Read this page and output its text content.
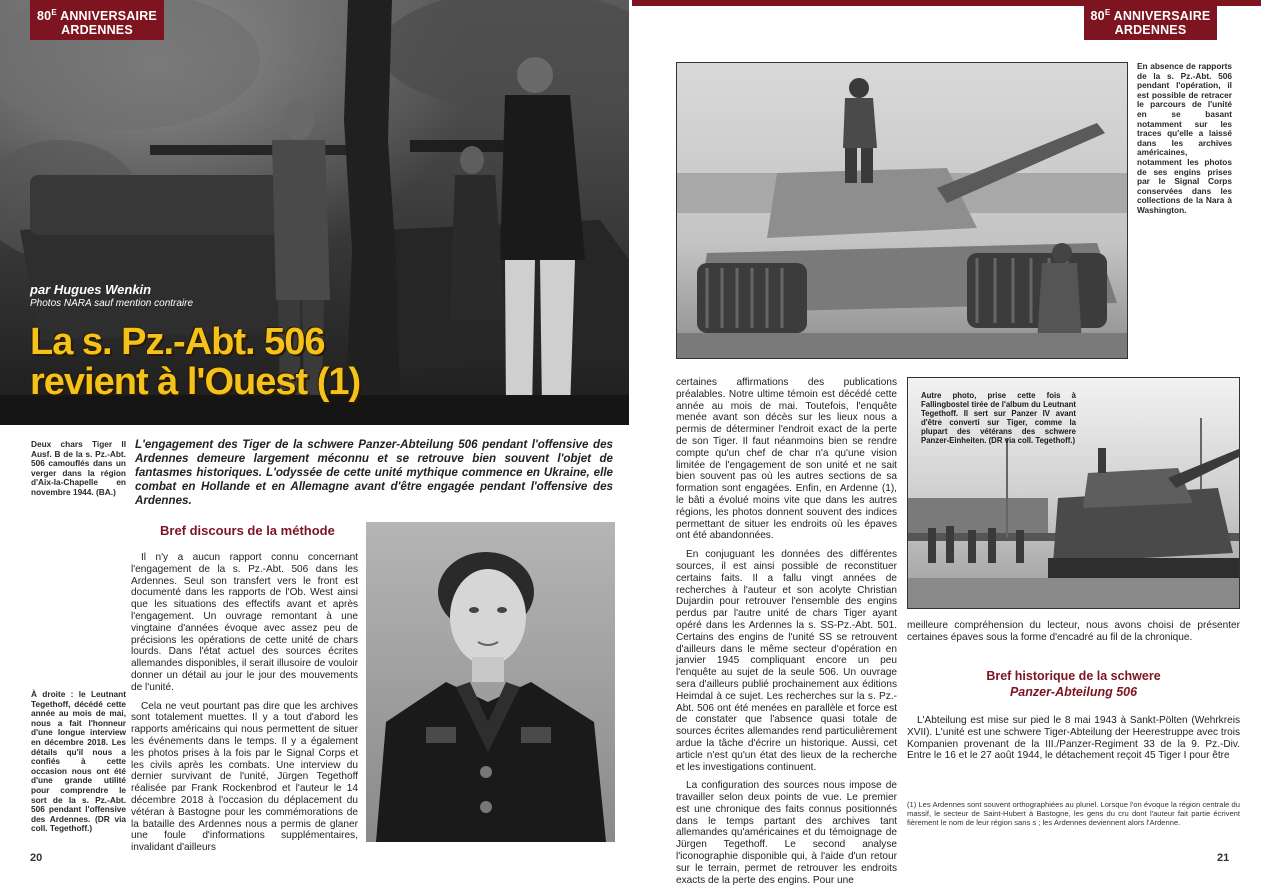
$80^E$ ANNIVERSAIRE
ARDENNES
par Hugues Wenkin
Photos NARA sauf mention contraire
La s. Pz.-Abt. 506
revient à l'Ouest (1)
Deux chars Tiger II Ausf. B de la s. Pz.-Abt. 506 camouflés dans un verger dans la région d'Aix-la-Chapelle en novembre 1944. (BA.)
L'engagement des Tiger de la schwere Panzer-Abteilung 506 pendant l'offensive des Ardennes demeure largement méconnu et se retrouve bien souvent l'objet de fantasmes historiques. L'odyssée de cette unité mythique commence en Ukraine, elle combat en Hollande et en Allemagne avant d'être engagée pendant l'offensive des Ardennes.
Bref discours de la méthode

Il n'y a aucun rapport connu concernant l'engagement de la s. Pz.-Abt. 506 dans les Ardennes. Seul son transfert vers le front est documenté dans les rapports de l'Ob. West ainsi que les situations des effectifs avant et après l'engagement. Un ouvrage remontant à une vingtaine d'années évoque avec assez peu de précisions les opérations de cette unité de chars lourds. Dans l'état actuel des sources écrites allemandes disponibles, il serait illusoire de vouloir donner un détail au jour le jour des mouvements de l'unité.

Cela ne veut pourtant pas dire que les archives sont totalement muettes. Il y a tout d'abord les rapports américains qui nous permettent de situer les événements dans le temps. Il y a également les photos prises à la fois par le Signal Corps et les civils après les combats. Une interview du dernier survivant de l'unité, Jürgen Tegethoff réalisée par Frank Rockenbrod et l'auteur le 14 décembre 2018 à l'occasion du déplacement du vétéran à Bastogne pour les commémorations de la bataille des Ardennes nous a permis de glaner une foule d'informations supplémentaires, invalidant d'ailleurs

À droite : le Leutnant Tegethoff, décédé cette année au mois de mai, nous a fait l'honneur d'une longue interview en décembre 2018. Les détails qu'il nous a confiés à cette occasion nous ont été d'une grande utilité pour comprendre le sort de la s. Pz.-Abt. 506 pendant l'offensive des Ardennes. (DR via coll. Tegethoff.)
20
$80^E$ ANNIVERSAIRE
ARDENNES
En absence de rapports de la s. Pz.-Abt. 506 pendant l'opération, il est possible de retracer le parcours de l'unité en se basant notamment sur les traces qu'elle a laissé dans les archives américaines, notamment les photos de ses engins prises par le Signal Corps conservées dans les collections de la Nara à Washington.

certaines affirmations des publications préalables. Notre ultime témoin est décédé cette année au mois de mai. Toutefois, l'enquête menée avant son décès sur les lieux nous a permis de déterminer l'endroit exact de la perte de son Tiger. Il faut néanmoins bien se rendre compte qu'un chef de char n'a qu'une vision limitée de l'engagement de son unité et ne sait bien souvent pas où les autres sections de sa formation sont engagées. Enfin, en Ardenne (1), le bâti a évolué moins vite que dans les autres régions, les photos donnent souvent des indices permettant de situer les endroits où les épaves ont été abandonnées.

En conjuguant les données des différentes sources, il est ainsi possible de reconstituer certains faits. Il a fallu vingt années de recherches à l'auteur et son acolyte Christian Dujardin pour retrouver l'ensemble des engins perdus par l'autre unité de chars Tiger ayant opéré dans les Ardennes la s. SS-Pz.-Abt. 501. Certains des engins de l'unité SS se retrouvent d'ailleurs dans le même secteur d'opération en janvier 1945 compliquant encore un peu l'enquête au sujet de la seule 506. Un ouvrage sera d'ailleurs publié prochainement aux éditions Heimdal à ce sujet. Les recherches sur la s. Pz.-Abt. 506 ont été menées en parallèle et force est de constater que l'absence quasi totale de sources écrites allemandes rend particulièrement ardue la tâche d'écrire un historique. Aussi, cet article n'est qu'un état des lieux de la recherche et les investigations continuent.

La configuration des sources nous impose de travailler selon deux points de vue. Le premier est une chronique des faits connus positionnés dans le temps partant des archives tant allemandes qu'américaines et du témoignage de Jürgen Tegethoff. Le second analyse l'iconographie disponible qui, à l'aide d'un retour sur le terrain, permet de retrouver les endroits exacts de la perte des engins. Pour une

Autre photo, prise cette fois à Fallingbostel tirée de l'album du Leutnant Tegethoff. Il sert sur Panzer IV avant d'être converti sur Tiger, comme la plupart des vétérans des schwere Panzer-Einheiten. (DR via coll. Tegethoff.)

meilleure compréhension du lecteur, nous avons choisi de présenter certaines épaves sous la forme d'encadré au fil de la chronique.

Bref historique de la schwere
Panzer-Abteilung 506

L'Abteilung est mise sur pied le 8 mai 1943 à Sankt-Pölten (Wehrkreis XVII). L'unité est une schwere Tiger-Abteilung der Heerestruppe avec trois Kompanien provenant de la III./Panzer-Regiment 33 de la 9. Pz.-Div. Entre le 16 et le 27 août 1944, le détachement reçoit 45 Tiger I pour être

(1) Les Ardennes sont souvent orthographiées au pluriel. Lorsque l'on évoque la région centrale du massif, le secteur de Saint-Hubert à Bastogne, les gens du cru dont l'auteur fait partie écrivent fièrement le nom de leur région sans s ; les Ardennes deviennent alors l'Ardenne.
21
